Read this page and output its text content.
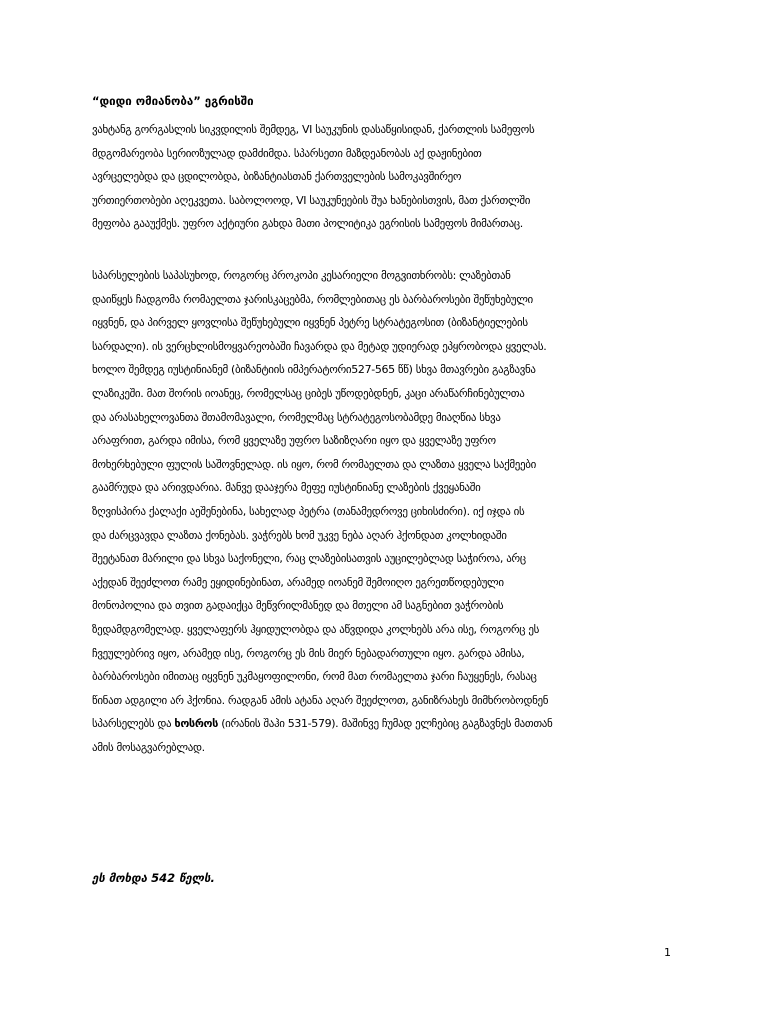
“დიდი ომიანობა” ეგრისში

ვახტანგ გორგასლის სიკვდილის შემდეგ, VI საუკუნის დასაწყისიდან, ქართლის სამეფოს
მდგომარეობა სერიოზულად დამძიმდა. სპარსეთი მაზდეანობას აქ დაჟინებით
ავრცელებდა და ცდილობდა, ბიზანტიასთან ქართველების სამოკავშირეო
ურთიერთობები აღეკვეთა. საბოლოოდ, VI საუკუნეების შუა ხანებისთვის, მათ ქართლში
მეფობა გააუქმეს. უფრო აქტიური გახდა მათი პოლიტიკა ეგრისის სამეფოს მიმართაც.

სპარსელების საპასუხოდ, როგორც პროკოპი კესარიელი მოგვითხრობს: ლაზებთან
დაიწყეს ჩადგომა რომაელთა ჯარისკაცებმა, რომლებითაც ეს ბარბაროსები შეწუხებული
იყვნენ, და პირველ ყოვლისა შეწუხებული იყვნენ პეტრე სტრატეგოსით (ბიზანტიელების
სარდალი). ის ვერცხლისმოყვარეობაში ჩავარდა და მეტად უდიერად ეპყრობოდა ყველას.
ხოლო შემდეგ იუსტინიანემ (ბიზანტიის იმპერატორი527-565 წწ) სხვა მთავრები გაგზავნა
ლაზიკეში. მათ შორის იოანეც, რომელსაც ციბეს უწოდებდნენ, კაცი არაწარჩინებულთა
და არასახელოვანთა შთამომავალი, რომელმაც სტრატეგოსობამდე მიაღწია სხვა
არაფრით, გარდა იმისა, რომ ყველაზე უფრო საზიზღარი იყო და ყველაზე უფრო
მოხერხებული ფულის საშოვნელად. ის იყო, რომ რომაელთა და ლაზთა ყველა საქმეები
გაამრუდა და არივდარია. მანვე დააჯერა მეფე იუსტინიანე ლაზების ქვეყანაში
ზღვისპირა ქალაქი აეშენებინა, სახელად პეტრა (თანამედროვე ციხისძირი). იქ იჯდა ის
და ძარცვავდა ლაზთა ქონებას. ვაჭრებს ხომ უკვე ნება აღარ ჰქონდათ კოლხიდაში
შეეტანათ მარილი და სხვა საქონელი, რაც ლაზებისათვის აუცილებლად საჭიროა, არც
აქედან შეეძლოთ რამე ეყიდინებინათ, არამედ იოანემ შემოიღო ეგრეთწოდებული
მონოპოლია და თვით გადაიქცა მეწვრილმანედ და მთელი ამ საგნებით ვაჭრობის
ზედამდგომელად. ყველაფერს ჰყიდულობდა და აწვდიდა კოლხებს არა ისე, როგორც ეს
ჩვეულებრივ იყო, არამედ ისე, როგორც ეს მის მიერ ნებადართული იყო. გარდა ამისა,
ბარბაროსები იმითაც იყვნენ უკმაყოფილონი, რომ მათ რომაელთა ჯარი ჩაუყენეს, რასაც
წინათ ადგილი არ ჰქონია. რადგან ამის ატანა აღარ შეეძლოთ, განიზრახეს მიმხრობოდნენ
სპარსელებს და ხოსროს (ირანის შაჰი 531-579). მაშინვე ჩუმად ელჩებიც გაგზავნეს მათთან
ამის მოსაგვარებლად.

ეს მოხდა 542 წელს.

1
